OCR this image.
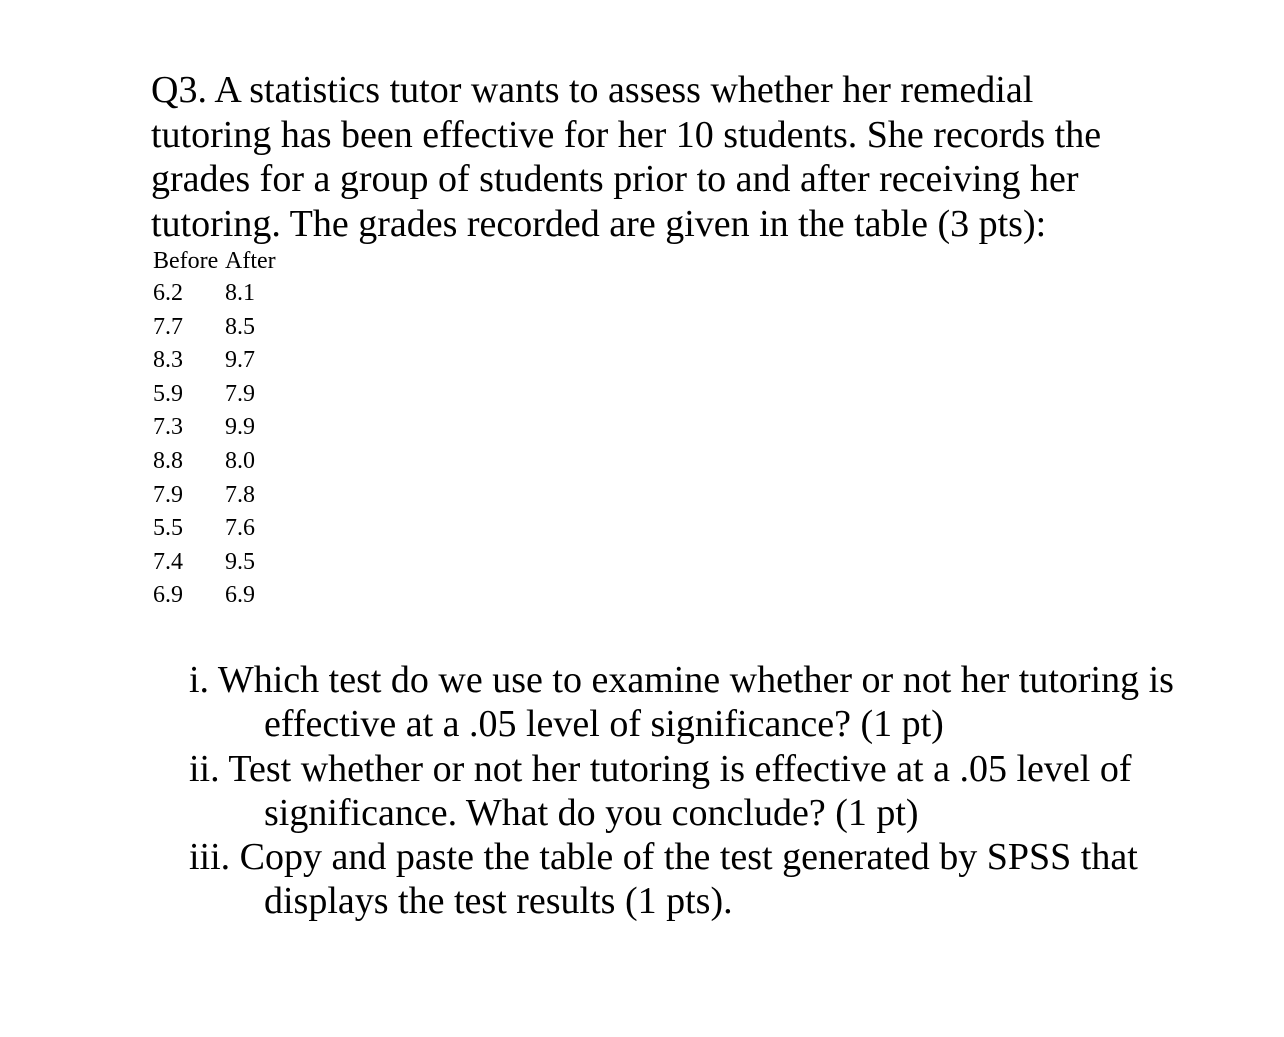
Q3. A statistics tutor wants to assess whether her remedial tutoring has been effective for her 10 students. She records the grades for a group of students prior to and after receiving her tutoring. The grades recorded are given in the table (3 pts):

Before	After
6.2	8.1
7.7	8.5
8.3	9.7
5.9	7.9
7.3	9.9
8.8	8.0
7.9	7.8
5.5	7.6
7.4	9.5
6.9	6.9
i. Which test do we use to examine whether or not her tutoring is effective at a .05 level of significance? (1 pt)
ii. Test whether or not her tutoring is effective at a .05 level of significance. What do you conclude? (1 pt)
iii. Copy and paste the table of the test generated by SPSS that displays the test results (1 pts).
